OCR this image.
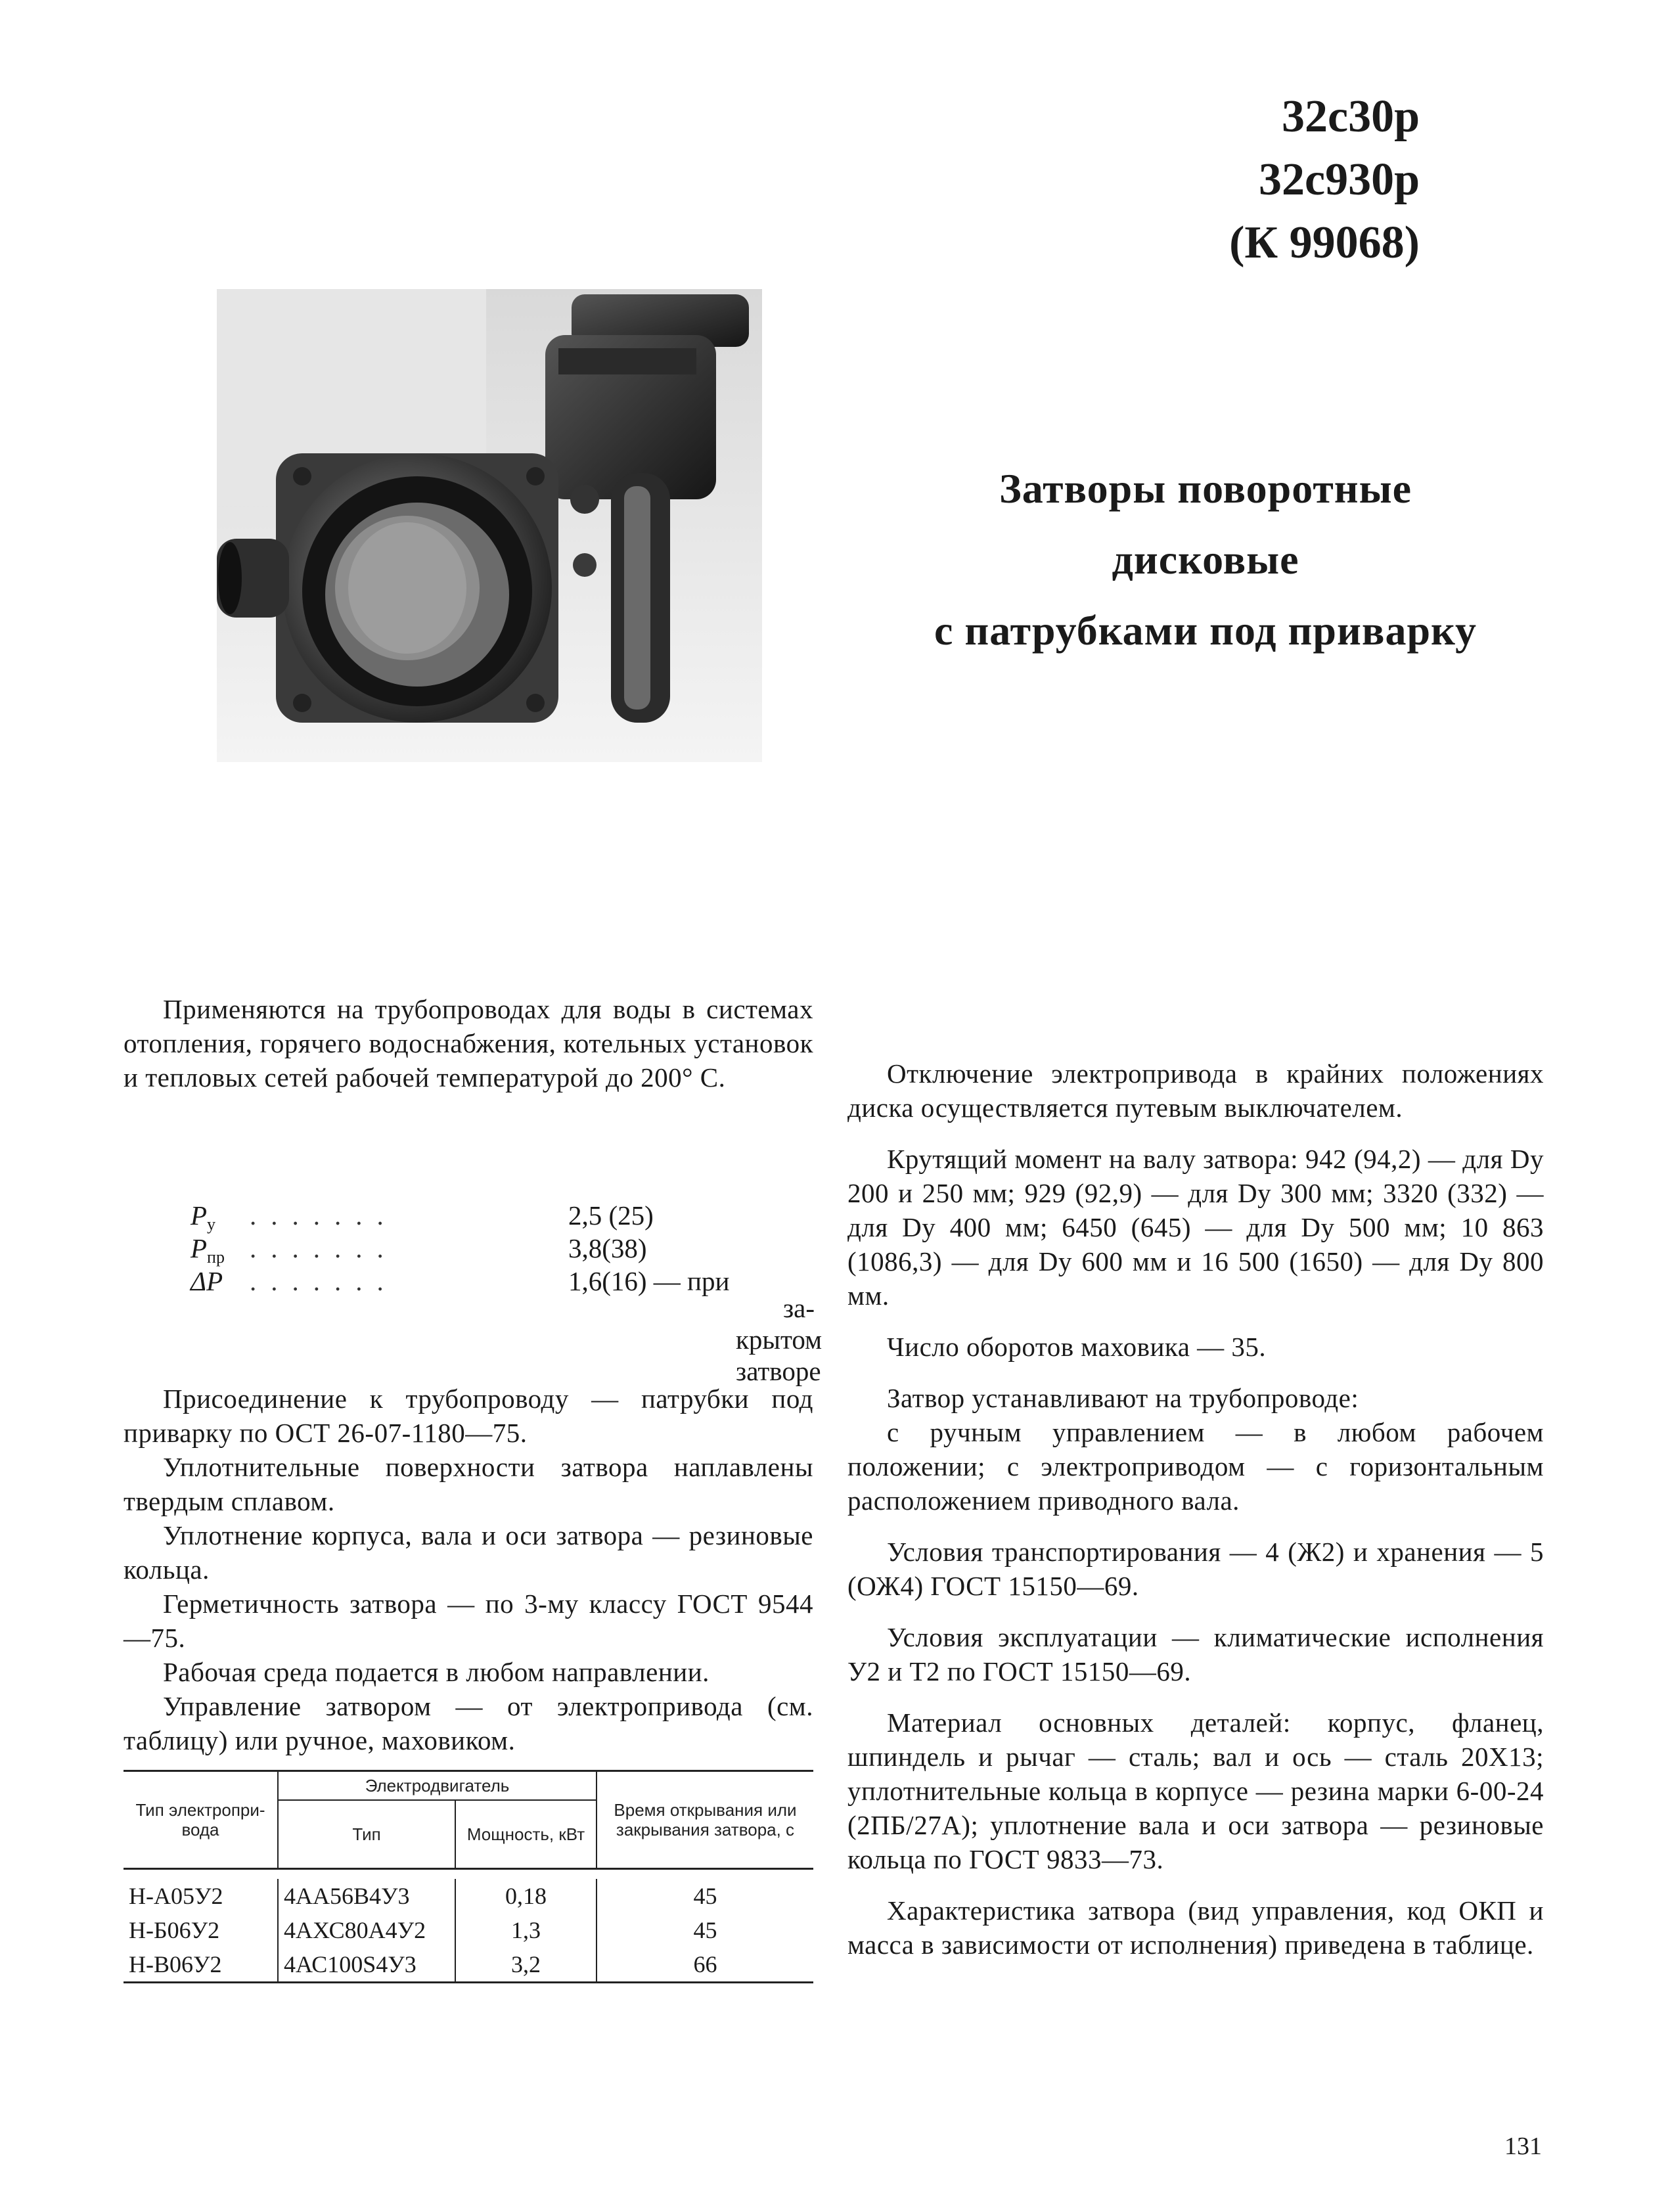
32с30р
32с930р
(К 99068)
Затворы поворотные
дисковые
с патрубками под приварку

Применяются на трубопроводах для воды в системах отопления, горячего водоснабжения, котельных установок и тепловых сетей рабочей температурой до 200° С.

$P_у$ .......	2,5 (25)
$P_{пр}$ .......	3,8(38)
ΔP .......	1,6(16) — при
за-крытом затворе

Присоединение к трубопроводу — патрубки под приварку по ОСТ 26-07-1180—75.

Уплотнительные поверхности затвора наплавлены твердым сплавом.

Уплотнение корпуса, вала и оси затвора — резиновые кольца.

Герметичность затвора — по 3-му классу ГОСТ 9544—75.

Рабочая среда подается в любом направлении.

Управление затвором — от электропривода (см. таблицу) или ручное, маховиком.

Тип электропри-вода	Электродвигатель		Время открывания или закрывания затвора, с
	Тип	Мощность, кВт	

Н-А05У2	4АА56В4У3	0,18	45
Н-Б06У2	4АХС80А4У2	1,3	45
Н-В06У2	4АС100S4У3	3,2	66

Отключение электропривода в крайних положениях диска осуществляется путевым выключателем.

Крутящий момент на валу затвора: 942 (94,2) — для Dу 200 и 250 мм; 929 (92,9) — для Dу 300 мм; 3320 (332) — для Dу 400 мм; 6450 (645) — для Dу 500 мм; 10 863 (1086,3) — для Dу 600 мм и 16 500 (1650) — для Dу 800 мм.

Число оборотов маховика — 35.

Затвор устанавливают на трубопроводе:

с ручным управлением — в любом рабочем положении; с электроприводом — с горизонтальным расположением приводного вала.

Условия транспортирования — 4 (Ж2) и хранения — 5 (ОЖ4) ГОСТ 15150—69.

Условия эксплуатации — климатические исполнения У2 и Т2 по ГОСТ 15150—69.

Материал основных деталей: корпус, фланец, шпиндель и рычаг — сталь; вал и ось — сталь 20Х13; уплотнительные кольца в корпусе — резина марки 6-00-24 (2ПБ/27А); уплотнение вала и оси затвора — резиновые кольца по ГОСТ 9833—73.

Характеристика затвора (вид управления, код ОКП и масса в зависимости от исполнения) приведена в таблице.

131
